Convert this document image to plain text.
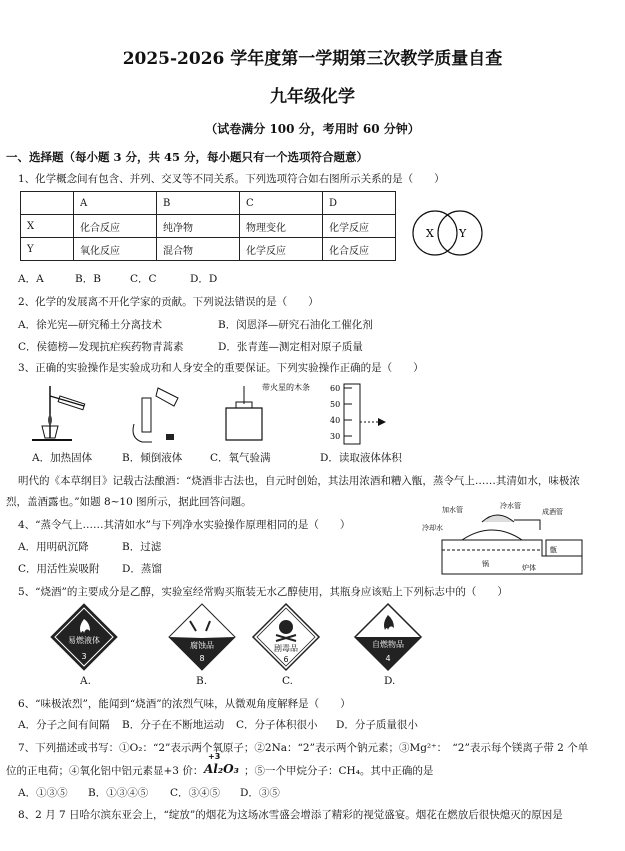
2025-2026 学年度第一学期第三次教学质量自查
九年级化学
（试卷满分 100 分，考用时 60 分钟）
一、选择题（每小题 3 分，共 45 分，每小题只有一个选项符合题意）
1、化学概念间有包含、并列、交叉等不同关系。下列选项符合如右图所示关系的是（　　）
	A	B	C	D
X	化合反应	纯净物	物理变化	化学反应
Y	氧化反应	混合物	化学反应	化合反应
X Y
A．A	B．B	C．C	D．D
2、化学的发展离不开化学家的贡献。下列说法错误的是（　　）
A．徐光宪—研究稀土分离技术	B．闵恩泽—研究石油化工催化剂
C．侯德榜—发现抗疟疾药物青蒿素	D．张青莲—测定相对原子质量
3、正确的实验操作是实验成功和人身安全的重要保证。下列实验操作正确的是（　　）
带火星的木条	60
50
40
30
A．加热固体	B．倾倒液体	C．氧气验满	D．读取液体体积
明代的《本草纲目》记载古法酿酒：“烧酒非古法也，自元时创始，其法用浓酒和糟入甑，蒸令气上……其清如水，味极浓
烈，盖酒露也。”如题 8~10 图所示，据此回答问题。
加水管	冷水管
成酒管
冷却水
锅	炉体
甑
4、“蒸令气上……其清如水”与下列净水实验操作原理相同的是（　　）
A．用明矾沉降	B．过滤
C．用活性炭吸附 D．蒸馏
5、“烧酒”的主要成分是乙醇，实验室经常购买瓶装无水乙醇使用，其瓶身应该贴上下列标志中的（　　）
易燃液体
3
腐蚀品
8
剧毒品
6
自燃物品
4
A.	B.	C.	D.
6、“味极浓烈”，能闻到“烧酒”的浓烈气味，从微观角度解释是（　　）
A．分子之间有间隔 B．分子在不断地运动 C．分子体积很小 D．分子质量很小
7、下列描述或书写：①O₂：“2”表示两个氧原子；②2Na：“2”表示两个钠元素；③Mg²⁺：　“2”表示每个镁离子带 2 个单
位的正电荷；④氧化铝中铝元素显+3 价：
+3
Al₂O₃ ；⑤一个甲烷分子：CH₄。其中正确的是
A．①③⑤ B．①③④⑤ C．③④⑤ D．③⑤
8、2 月 7 日哈尔滨东亚会上，“绽放”的烟花为这场冰雪盛会增添了精彩的视觉盛宴。烟花在燃放后很快熄灭的原因是
